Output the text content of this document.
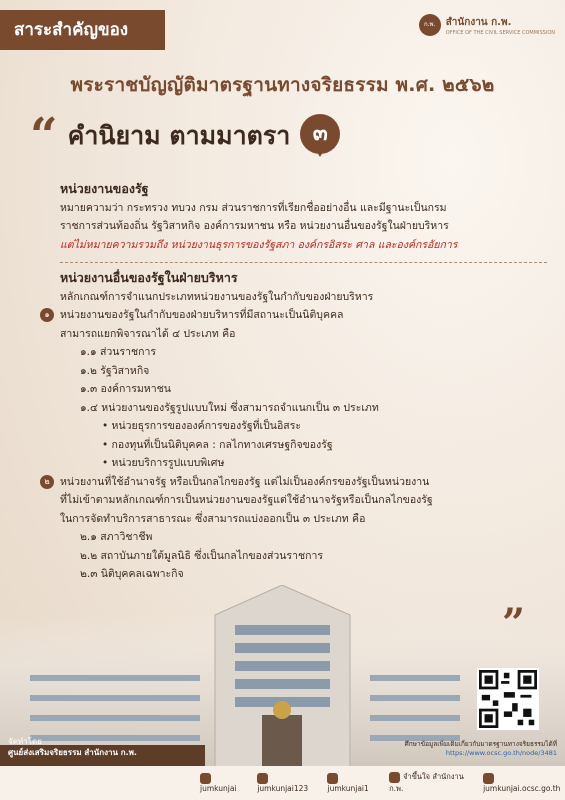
สาระสำคัญของ	ก.พ.	สำนักงาน ก.พ.
OFFICE OF THE CIVIL SERVICE COMMISSION
พระราชบัญญัติมาตรฐานทางจริยธรรม พ.ศ. ๒๕๖๒
“ คำนิยาม ตามมาตรา	๓
หน่วยงานของรัฐ
หมายความว่า กระทรวง ทบวง กรม ส่วนราชการที่เรียกชื่ออย่างอื่น และมีฐานะเป็นกรม
ราชการส่วนท้องถิ่น รัฐวิสาหกิจ องค์การมหาชน หรือ หน่วยงานอื่นของรัฐในฝ่ายบริหาร
แต่ไม่หมายความรวมถึง หน่วยงานธุรการของรัฐสภา องค์กรอิสระ ศาล และองค์กรอัยการ
หน่วยงานอื่นของรัฐในฝ่ายบริหาร
หลักเกณฑ์การจำแนกประเภทหน่วยงานของรัฐในกำกับของฝ่ายบริหาร
๑ หน่วยงานของรัฐในกำกับของฝ่ายบริหารที่มีสถานะเป็นนิติบุคคล
สามารถแยกพิจารณาได้ ๔ ประเภท คือ
๑.๑ ส่วนราชการ
๑.๒ รัฐวิสาหกิจ
๑.๓ องค์การมหาชน
๑.๔ หน่วยงานของรัฐรูปแบบใหม่ ซึ่งสามารถจำแนกเป็น ๓ ประเภท
• หน่วยธุรการขององค์การของรัฐที่เป็นอิสระ
• กองทุนที่เป็นนิติบุคคล : กลไกทางเศรษฐกิจของรัฐ
• หน่วยบริการรูปแบบพิเศษ
๒ หน่วยงานที่ใช้อำนาจรัฐ หรือเป็นกลไกของรัฐ แต่ไม่เป็นองค์กรของรัฐเป็นหน่วยงาน
ที่ไม่เข้าตามหลักเกณฑ์การเป็นหน่วยงานของรัฐแต่ใช้อำนาจรัฐหรือเป็นกลไกของรัฐ
ในการจัดทำบริการสาธารณะ ซึ่งสามารถแบ่งออกเป็น ๓ ประเภท คือ
๒.๑ สภาวิชาชีพ
๒.๒ สถาบันภายใต้มูลนิธิ ซึ่งเป็นกลไกของส่วนราชการ
๒.๓ นิติบุคคลเฉพาะกิจ
ศึกษาข้อมูลเพิ่มเติมเกี่ยวกับมาตรฐานทางจริยธรรมได้ที่
https://www.ocsc.go.th/node/3481
จัดทำโดย
ศูนย์ส่งเสริมจริยธรรม สำนักงาน ก.พ.
jumkunjai	jumkunjai123	jumkunjai1
จำขึ้นใจ สำนักงาน ก.พ.	jumkunjai.ocsc.go.th
